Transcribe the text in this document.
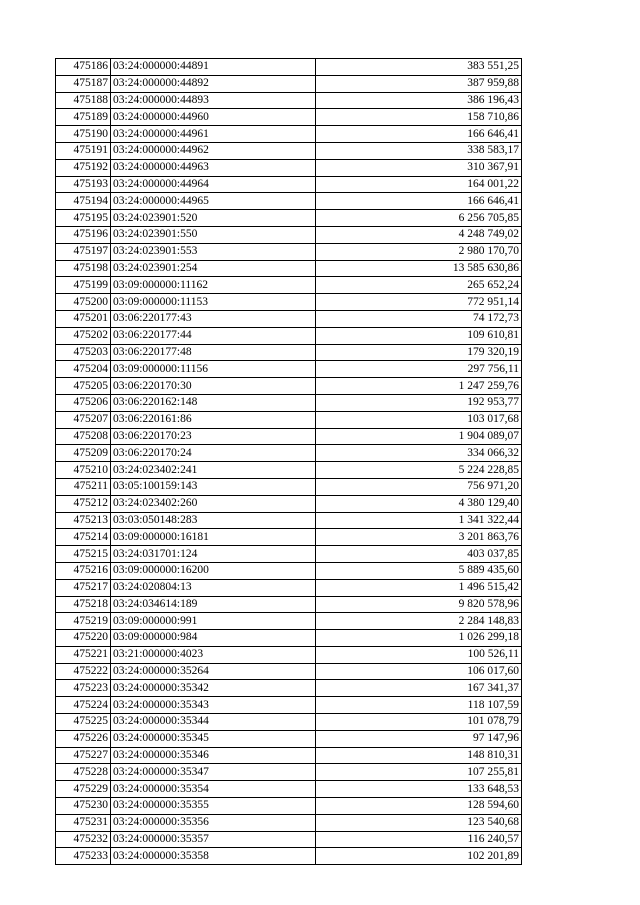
475186	03:24:000000:44891	383 551,25
475187	03:24:000000:44892	387 959,88
475188	03:24:000000:44893	386 196,43
475189	03:24:000000:44960	158 710,86
475190	03:24:000000:44961	166 646,41
475191	03:24:000000:44962	338 583,17
475192	03:24:000000:44963	310 367,91
475193	03:24:000000:44964	164 001,22
475194	03:24:000000:44965	166 646,41
475195	03:24:023901:520	6 256 705,85
475196	03:24:023901:550	4 248 749,02
475197	03:24:023901:553	2 980 170,70
475198	03:24:023901:254	13 585 630,86
475199	03:09:000000:11162	265 652,24
475200	03:09:000000:11153	772 951,14
475201	03:06:220177:43	74 172,73
475202	03:06:220177:44	109 610,81
475203	03:06:220177:48	179 320,19
475204	03:09:000000:11156	297 756,11
475205	03:06:220170:30	1 247 259,76
475206	03:06:220162:148	192 953,77
475207	03:06:220161:86	103 017,68
475208	03:06:220170:23	1 904 089,07
475209	03:06:220170:24	334 066,32
475210	03:24:023402:241	5 224 228,85
475211	03:05:100159:143	756 971,20
475212	03:24:023402:260	4 380 129,40
475213	03:03:050148:283	1 341 322,44
475214	03:09:000000:16181	3 201 863,76
475215	03:24:031701:124	403 037,85
475216	03:09:000000:16200	5 889 435,60
475217	03:24:020804:13	1 496 515,42
475218	03:24:034614:189	9 820 578,96
475219	03:09:000000:991	2 284 148,83
475220	03:09:000000:984	1 026 299,18
475221	03:21:000000:4023	100 526,11
475222	03:24:000000:35264	106 017,60
475223	03:24:000000:35342	167 341,37
475224	03:24:000000:35343	118 107,59
475225	03:24:000000:35344	101 078,79
475226	03:24:000000:35345	97 147,96
475227	03:24:000000:35346	148 810,31
475228	03:24:000000:35347	107 255,81
475229	03:24:000000:35354	133 648,53
475230	03:24:000000:35355	128 594,60
475231	03:24:000000:35356	123 540,68
475232	03:24:000000:35357	116 240,57
475233	03:24:000000:35358	102 201,89
